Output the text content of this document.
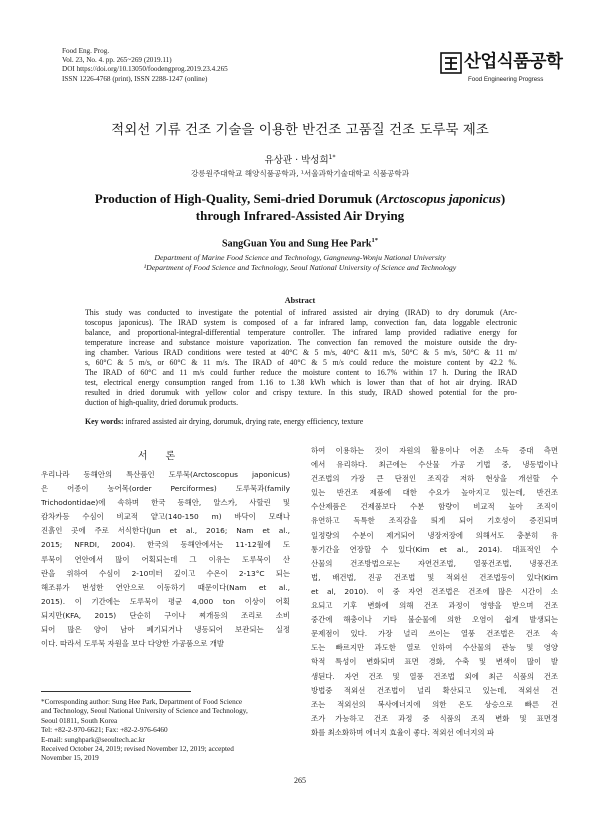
Food Eng. Prog.
Vol. 23, No. 4. pp. 265~269 (2019.11)
DOI https://doi.org/10.13050/foodengprog.2019.23.4.265
ISSN 1226-4768 (print), ISSN 2288-1247 (online)
산업식품공학
Food Engineering Progress
적외선 기류 건조 기술을 이용한 반건조 고품질 건조 도루묵 제조
유상관 · 박성희$^{1*}$
강릉원주대학교 해양식품공학과, ¹서울과학기술대학교 식품공학과
Production of High-Quality, Semi-dried Dorumuk (Arctoscopus japonicus)
through Infrared-Assisted Air Drying
SangGuan You and Sung Hee Park$^{1*}$
Department of Marine Food Science and Technology, Gangneung-Wonju National University
¹Department of Food Science and Technology, Seoul National University of Science and Technology
Abstract
This study was conducted to investigate the potential of infrared assisted air drying (IRAD) to dry dorumuk (Arc-
toscopus japonicus). The IRAD system is composed of a far infrared lamp, convection fan, data loggable electronic
balance, and proportional-integral-differential temperature controller. The infrared lamp provided radiative energy for
temperature increase and substance moisture vaporization. The convection fan removed the moisture outside the dry-
ing chamber. Various IRAD conditions were tested at 40°C & 5 m/s, 40°C &11 m/s, 50°C & 5 m/s, 50°C & 11 m/
s, 60°C & 5 m/s, or 60°C & 11 m/s. The IRAD of 40°C & 5 m/s could reduce the moisture content by 42.2 %.
The IRAD of 60°C and 11 m/s could further reduce the moisture content to 16.7% within 17 h. During the IRAD
test, electrical energy consumption ranged from 1.16 to 1.38 kWh which is lower than that of hot air drying. IRAD
resulted in dried dorumuk with yellow color and crispy texture. In this study, IRAD showed potential for the pro-
duction of high-quality, dried dorumuk products.
Key words: infrared assisted air drying, dorumuk, drying rate, energy efficiency, texture
서론
우리나라 동해안의 특산품인 도루묵(Arctoscopus japonicus)
은 어종이 농어목(order Perciformes) 도루묵과(family
Trichodontidae)에 속하며 한국 동해안, 알스카, 사할린 및
캄차카등 수심이 비교적 얕고(140-150 m) 바닥이 모래나
진흙인 곳에 주로 서식한다(Jun et al., 2016; Nam et al.,
2015; NFRDI, 2004). 한국의 동해안에서는 11-12월에 도
루묵이 연안에서 많이 어획되는데 그 이유는 도루묵이 산
란을 위하여 수심이 2-10미터 깊이고 수온이 2-13°C 되는
해조류가 번성한 연안으로 이동하기 때문이다(Nam et al.,
2015). 이 기간에는 도루묵이 평균 4,000 ton 이상이 어획
되지만(KFA, 2015) 단순히 구이나 찌개등의 조리로 소비
되어 많은 양이 남아 폐기되거나 냉동되어 보관되는 실정
이다. 따라서 도루묵 자원을 보다 다양한 가공품으로 개발
하여 이용하는 것이 자원의 활용이나 어촌 소득 증대 측면
에서 유리하다. 최근에는 수산물 가공 기법 중, 냉동법이나
건조법의 가장 큰 단점인 조직감 저하 현상을 개선할 수
있는 반건조 제품에 대한 수요가 높아지고 있는데, 반건조
수산제품은 건제품보다 수분 함량이 비교적 높아 조직이
유연하고 독특한 조직감을 띄게 되어 기호성이 증진되며
일정량의 수분이 제거되어 냉장저장에 의해서도 충분히 유
통기간을 연장할 수 있다(Kim et al., 2014). 대표적인 수
산물의 건조방법으로는 자연건조법, 열풍건조법, 냉풍건조
법, 배건법, 진공 건조법 및 적외선 건조법등이 있다(Kim
et al, 2010). 이 중 자연 건조법은 건조에 많은 시간이 소
요되고 기후 변화에 의해 건조 과정이 영향을 받으며 건조
중간에 해충이나 기타 불순물에 의한 오염이 쉽게 발생되는
문제점이 있다. 가장 널리 쓰이는 열풍 건조법은 건조 속
도는 빠르지만 과도한 열로 인하여 수산물의 관능 및 영양
학적 특성이 변화되며 표면 경화, 수축 및 변색이 많이 발
생된다. 자연 건조 및 열풍 건조법 외에 최근 식품의 건조
방법중 적외선 건조법이 널리 확산되고 있는데, 적외선 건
조는 적외선의 복사에너지에 의한 온도 상승으로 빠른 건
조가 가능하고 건조 과정 중 식품의 조직 변화 및 표면경
화를 최소화하며 에너지 효율이 좋다. 적외선 에너지의 파
*Corresponding author: Sung Hee Park, Department of Food Science
and Technology, Seoul National University of Science and Technology,
Seoul 01811, South Korea
Tel: +82-2-970-6621; Fax: +82-2-976-6460
E-mail: sunghpark@seoultech.ac.kr
Received October 24, 2019; revised November 12, 2019; accepted
November 15, 2019
265
